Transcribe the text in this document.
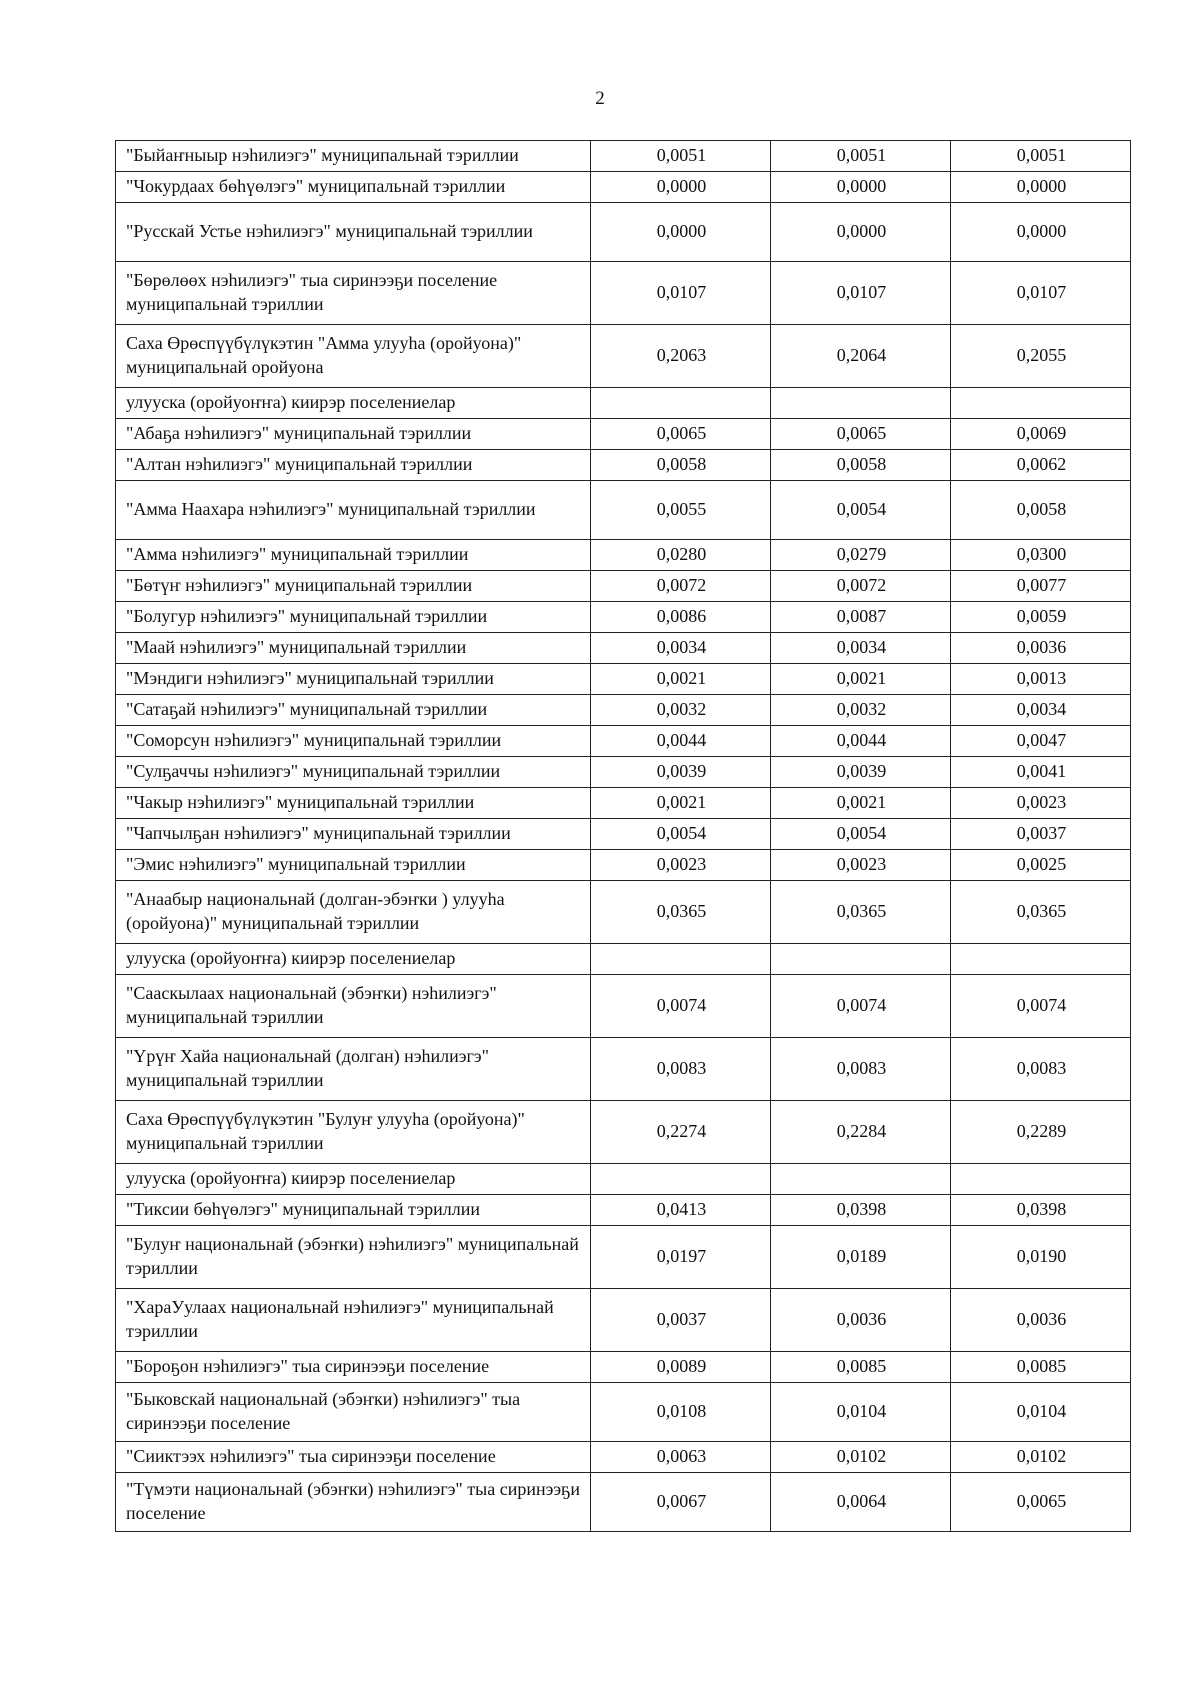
2
"Быйаҥныыр нэһилиэгэ" муниципальнай тэриллии	0,0051	0,0051	0,0051
"Чокурдаах бөһүөлэгэ" муниципальнай тэриллии	0,0000	0,0000	0,0000
"Русскай Устье нэһилиэгэ" муниципальнай тэриллии	0,0000	0,0000	0,0000
"Бөрөлөөх нэһилиэгэ" тыа сиринээҕи поселение муниципальнай тэриллии	0,0107	0,0107	0,0107
Саха Өрөспүүбүлүкэтин "Амма улууһа (оройуона)" муниципальнай оройуона	0,2063	0,2064	0,2055
улууска (оройуоҥҥа) киирэр поселениелар			
"Абаҕа нэһилиэгэ" муниципальнай тэриллии	0,0065	0,0065	0,0069
"Алтан нэһилиэгэ" муниципальнай тэриллии	0,0058	0,0058	0,0062
"Амма Наахара нэһилиэгэ" муниципальнай тэриллии	0,0055	0,0054	0,0058
"Амма нэһилиэгэ" муниципальнай тэриллии	0,0280	0,0279	0,0300
"Бөтүҥ нэһилиэгэ" муниципальнай тэриллии	0,0072	0,0072	0,0077
"Болугур нэһилиэгэ" муниципальнай тэриллии	0,0086	0,0087	0,0059
"Маай нэһилиэгэ" муниципальнай тэриллии	0,0034	0,0034	0,0036
"Мэндиги нэһилиэгэ" муниципальнай тэриллии	0,0021	0,0021	0,0013
"Сатаҕай нэһилиэгэ" муниципальнай тэриллии	0,0032	0,0032	0,0034
"Соморсун нэһилиэгэ" муниципальнай тэриллии	0,0044	0,0044	0,0047
"Сулҕаччы нэһилиэгэ" муниципальнай тэриллии	0,0039	0,0039	0,0041
"Чакыр нэһилиэгэ" муниципальнай тэриллии	0,0021	0,0021	0,0023
"Чапчылҕан нэһилиэгэ" муниципальнай тэриллии	0,0054	0,0054	0,0037
"Эмис нэһилиэгэ" муниципальнай тэриллии	0,0023	0,0023	0,0025
"Анаабыр национальнай (долган-эбэҥки ) улууһа (оройуона)" муниципальнай тэриллии	0,0365	0,0365	0,0365
улууска (оройуоҥҥа) киирэр поселениелар			
"Сааскылаах национальнай (эбэҥки) нэһилиэгэ" муниципальнай тэриллии	0,0074	0,0074	0,0074
"Үрүҥ Хайа национальнай (долган) нэһилиэгэ" муниципальнай тэриллии	0,0083	0,0083	0,0083
Саха Өрөспүүбүлүкэтин "Булуҥ улууһа (оройуона)" муниципальнай тэриллии	0,2274	0,2284	0,2289
улууска (оройуоҥҥа) киирэр поселениелар			
"Тиксии бөһүөлэгэ" муниципальнай тэриллии	0,0413	0,0398	0,0398
"Булуҥ национальнай (эбэҥки) нэһилиэгэ" муниципальнай тэриллии	0,0197	0,0189	0,0190
"ХараУулаах национальнай нэһилиэгэ" муниципальнай тэриллии	0,0037	0,0036	0,0036
"Бороҕон нэһилиэгэ" тыа сиринээҕи поселение	0,0089	0,0085	0,0085
"Быковскай национальнай (эбэҥки) нэһилиэгэ" тыа сиринээҕи поселение	0,0108	0,0104	0,0104
"Сииктээх нэһилиэгэ" тыа сиринээҕи поселение	0,0063	0,0102	0,0102
"Түмэти национальнай (эбэҥки) нэһилиэгэ" тыа сиринээҕи поселение	0,0067	0,0064	0,0065
